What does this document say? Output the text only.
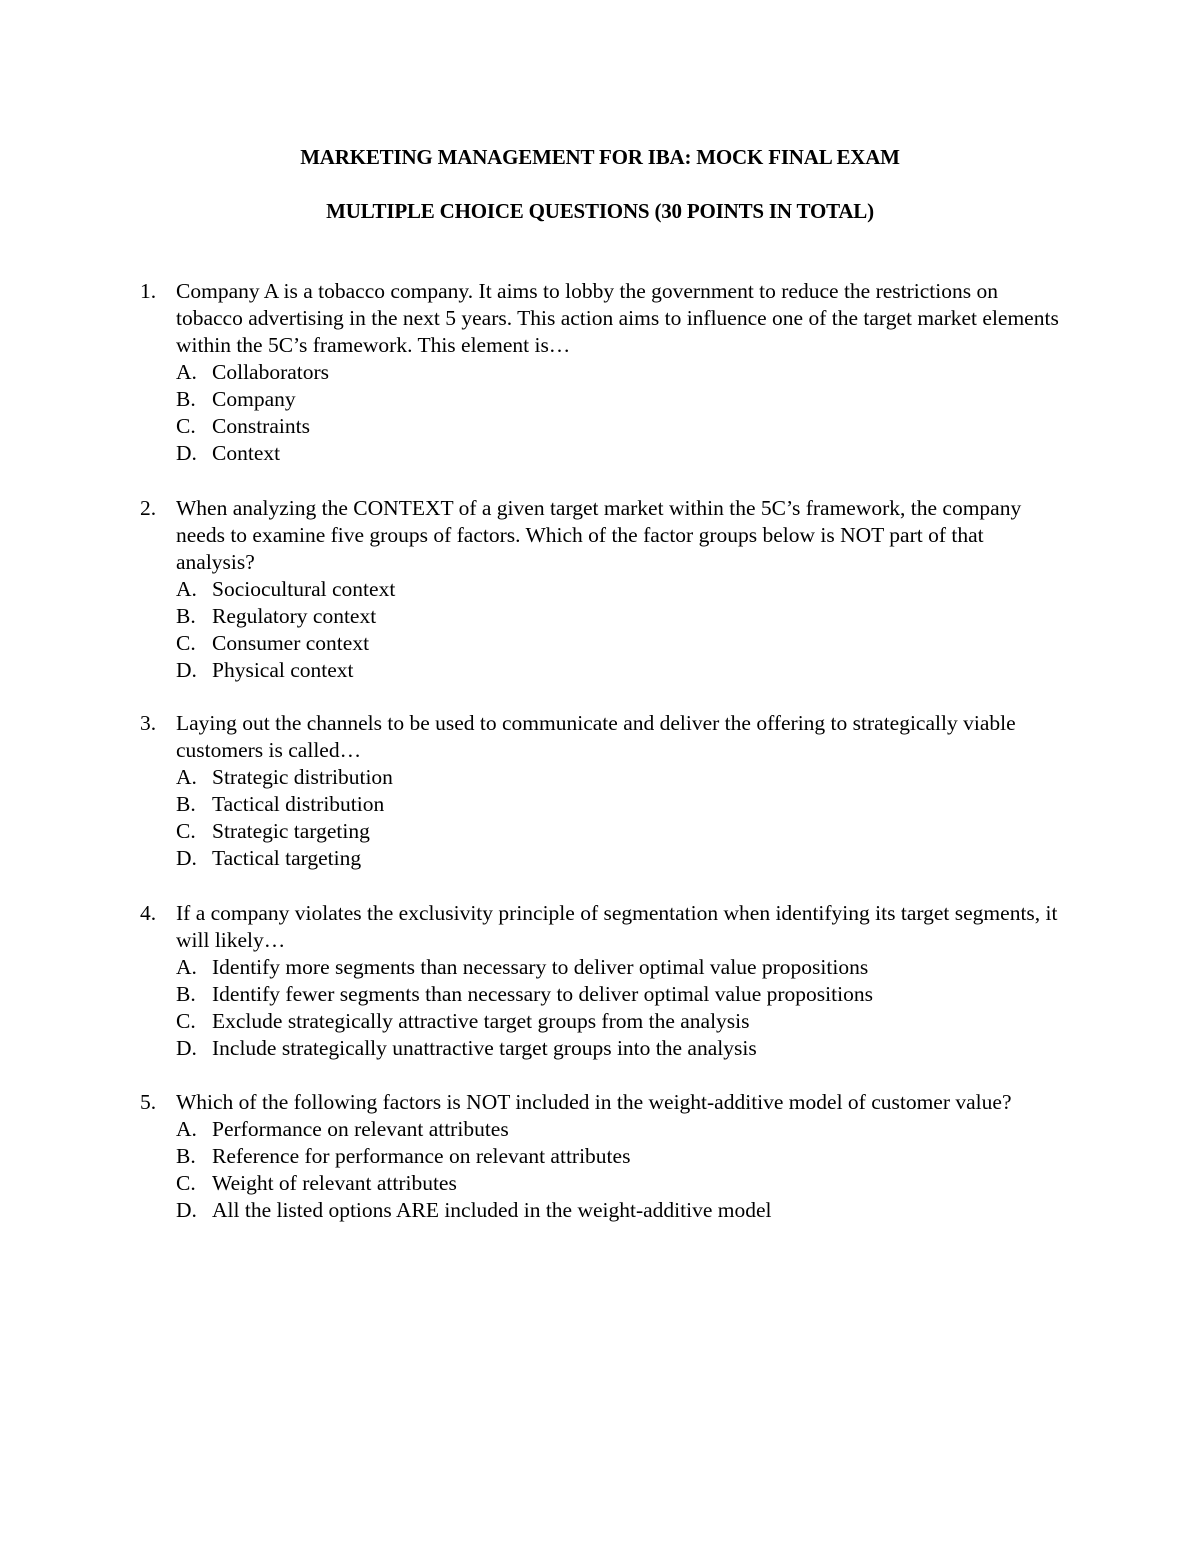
MARKETING MANAGEMENT FOR IBA: MOCK FINAL EXAM
MULTIPLE CHOICE QUESTIONS (30 POINTS IN TOTAL)
1. Company A is a tobacco company. It aims to lobby the government to reduce the restrictions on tobacco advertising in the next 5 years. This action aims to influence one of the target market elements within the 5C’s framework. This element is…
A. Collaborators
B. Company
C. Constraints
D. Context
2. When analyzing the CONTEXT of a given target market within the 5C’s framework, the company needs to examine five groups of factors. Which of the factor groups below is NOT part of that analysis?
A. Sociocultural context
B. Regulatory context
C. Consumer context
D. Physical context
3. Laying out the channels to be used to communicate and deliver the offering to strategically viable customers is called…
A. Strategic distribution
B. Tactical distribution
C. Strategic targeting
D. Tactical targeting
4. If a company violates the exclusivity principle of segmentation when identifying its target segments, it will likely…
A. Identify more segments than necessary to deliver optimal value propositions
B. Identify fewer segments than necessary to deliver optimal value propositions
C. Exclude strategically attractive target groups from the analysis
D. Include strategically unattractive target groups into the analysis
5. Which of the following factors is NOT included in the weight-additive model of customer value?
A. Performance on relevant attributes
B. Reference for performance on relevant attributes
C. Weight of relevant attributes
D. All the listed options ARE included in the weight-additive model
